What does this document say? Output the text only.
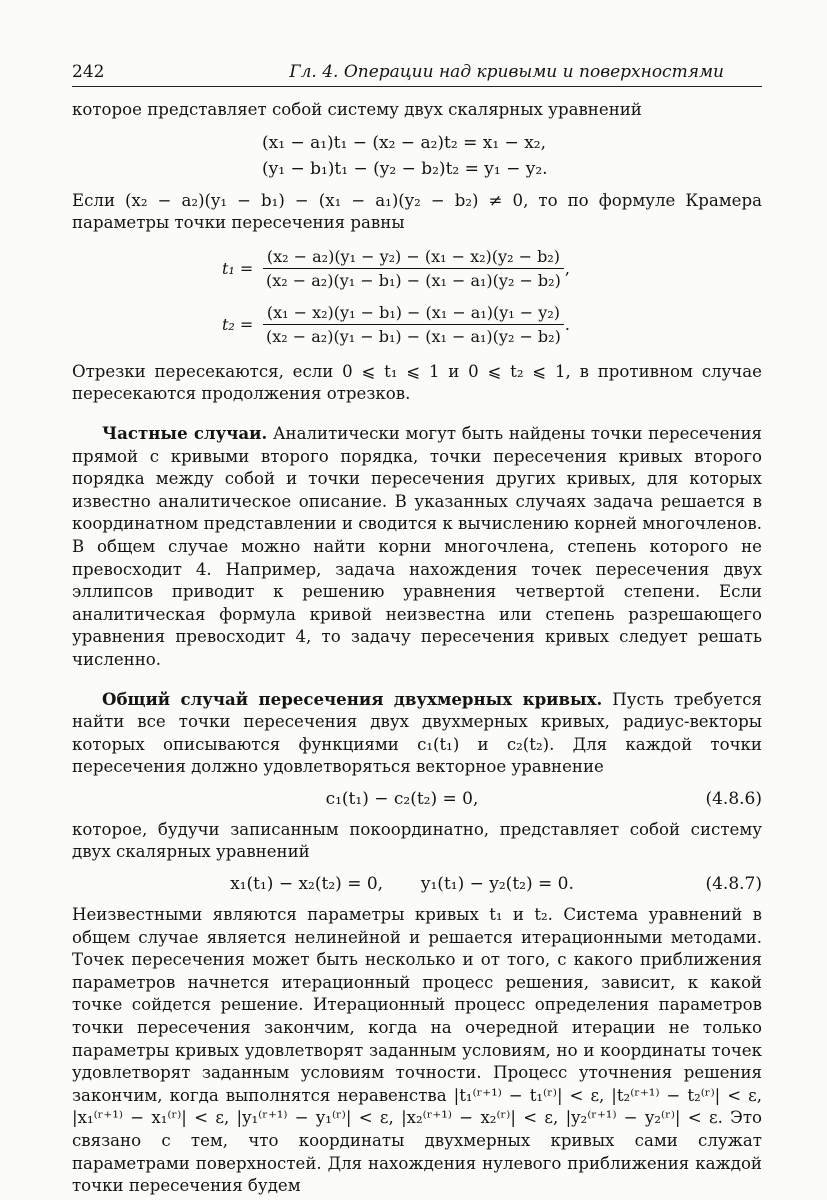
242	Гл. 4. Операции над кривыми и поверхностями

которое представляет собой систему двух скалярных уравнений

(x₁ − a₁)t₁ − (x₂ − a₂)t₂ = x₁ − x₂,
(y₁ − b₁)t₁ − (y₂ − b₂)t₂ = y₁ − y₂.

Если (x₂ − a₂)(y₁ − b₁) − (x₁ − a₁)(y₂ − b₂) ≠ 0, то по формуле Крамера параметры точки пересечения равны

$t_1 = \frac{\text{(x₂ − a₂)(y₁ − y₂) − (x₁ − x₂)(y₂ − b₂)}}{\text{(x₂ − a₂)(y₁ − b₁) − (x₁ − a₁)(y₂ − b₂)}}$ ,
$t_2 = \frac{\text{(x₁ − x₂)(y₁ − b₁) − (x₁ − a₁)(y₁ − y₂)}}{\text{(x₂ − a₂)(y₁ − b₁) − (x₁ − a₁)(y₂ − b₂)}}$ .

Отрезки пересекаются, если 0 ⩽ t₁ ⩽ 1 и 0 ⩽ t₂ ⩽ 1, в противном случае пересекаются продолжения отрезков.

Частные случаи. Аналитически могут быть найдены точки пересечения прямой с кривыми второго порядка, точки пересечения кривых второго порядка между собой и точки пересечения других кривых, для которых известно аналитическое описание. В указанных случаях задача решается в координатном представлении и сводится к вычислению корней многочленов. В общем случае можно найти корни многочлена, степень которого не превосходит 4. Например, задача нахождения точек пересечения двух эллипсов приводит к решению уравнения четвертой степени. Если аналитическая формула кривой неизвестна или степень разрешающего уравнения превосходит 4, то задачу пересечения кривых следует решать численно.

Общий случай пересечения двухмерных кривых. Пусть требуется найти все точки пересечения двух двухмерных кривых, радиус-векторы которых описываются функциями c₁(t₁) и c₂(t₂). Для каждой точки пересечения должно удовлетворяться векторное уравнение

c₁(t₁) − c₂(t₂) = 0,	(4.8.6)

которое, будучи записанным покоординатно, представляет собой систему двух скалярных уравнений

x₁(t₁) − x₂(t₂) = 0,       y₁(t₁) − y₂(t₂) = 0.	(4.8.7)

Неизвестными являются параметры кривых t₁ и t₂. Система уравнений в общем случае является нелинейной и решается итерационными методами. Точек пересечения может быть несколько и от того, с какого приближения параметров начнется итерационный процесс решения, зависит, к какой точке сойдется решение. Итерационный процесс определения параметров точки пересечения закончим, когда на очередной итерации не только параметры кривых удовлетворят заданным условиям, но и координаты точек удовлетворят заданным условиям точности. Процесс уточнения решения закончим, когда выполнятся неравенства |t₁⁽ʳ⁺¹⁾ − t₁⁽ʳ⁾| < ε, |t₂⁽ʳ⁺¹⁾ − t₂⁽ʳ⁾| < ε, |x₁⁽ʳ⁺¹⁾ − x₁⁽ʳ⁾| < ε, |y₁⁽ʳ⁺¹⁾ − y₁⁽ʳ⁾| < ε, |x₂⁽ʳ⁺¹⁾ − x₂⁽ʳ⁾| < ε, |y₂⁽ʳ⁺¹⁾ − y₂⁽ʳ⁾| < ε. Это связано с тем, что координаты двухмерных кривых сами служат параметрами поверхностей. Для нахождения нулевого приближения каждой точки пересечения будем
